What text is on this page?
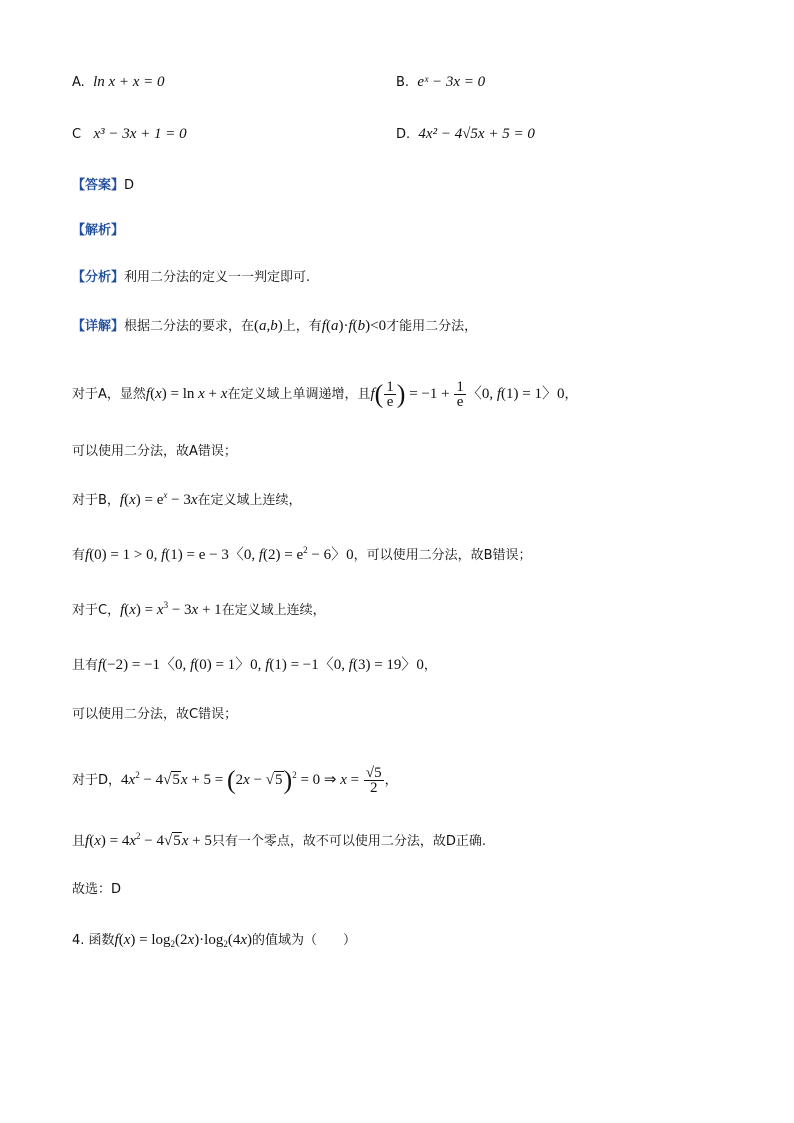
A. ln x + x = 0	B. eˣ − 3x = 0
C x³ − 3x + 1 = 0	D. 4x² − 4√5x + 5 = 0
【答案】D
【解析】
【分析】利用二分法的定义一一判定即可.
【详解】根据二分法的要求，在(a,b)上，有f(a)·f(b)<0才能用二分法，
对于A，显然f(x) = ln x + x在定义域上单调递增，且$f( \frac{1}{e}$ ) = $-1 + \frac{1}{e}$ 〈0, f(1) = 1〉0，
可以使用二分法，故A错误；
对于B，$f(x) = e^x - 3x$在定义域上连续，
有f(0) = 1 > 0, f(1) = e − 3〈0, $f(2) = e^2 - 6$〉0，可以使用二分法，故B错误；
对于C，$f(x) = x^3 - 3x + 1$在定义域上连续，
且有f(−2) = −1〈0, f(0) = 1〉0, f(1) = −1〈0, f(3) = 19〉0，
可以使用二分法，故C错误；
对于D，$4x^2 - 4√5x + 5 = (2x - √5)^2 = 0$ ⇒ $x = \frac{√5}{2}$ ，
且$f(x) = 4x^2 - 4√5x + 5$只有一个零点，故不可以使用二分法，故D正确.
故选：D
4. 函数$f(x) = \log_2(2x)\cdot\log_2(4x)$的值域为（　　）
